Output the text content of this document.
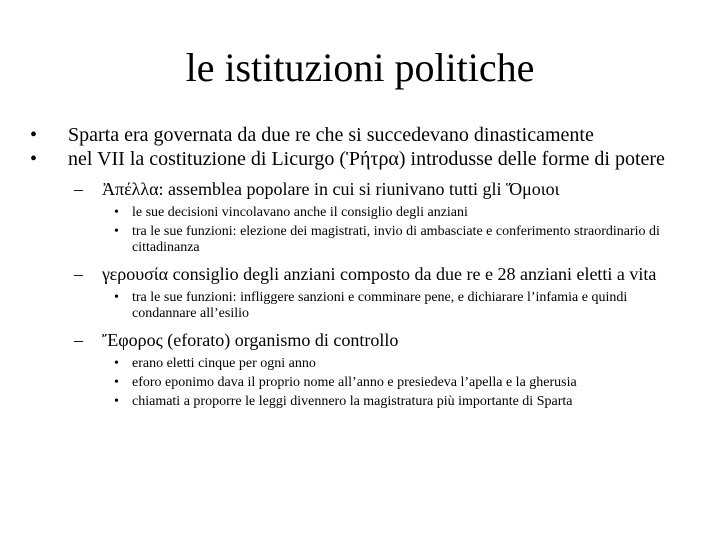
le istituzioni politiche
• Sparta era governata da due re che si succedevano dinasticamente
• nel VII la costituzione di Licurgo (Ῥήτρα) introdusse delle forme di potere
– Ἀπέλλα: assemblea popolare in cui si riunivano tutti gli Ὅμοιοι
• le sue decisioni vincolavano anche il consiglio degli anziani
• tra le sue funzioni: elezione dei magistrati, invio di ambasciate e conferimento straordinario di cittadinanza
– γερουσία consiglio degli anziani composto da due re e 28 anziani eletti a vita
• tra le sue funzioni: infliggere sanzioni e comminare pene, e dichiarare l’infamia e quindi condannare all’esilio
– Ἔφορος (eforato) organismo di controllo
• erano eletti cinque per ogni anno
• eforo eponimo dava il proprio nome all’anno e presiedeva l’apella e la gherusia
• chiamati a proporre le leggi divennero la magistratura più importante di Sparta
